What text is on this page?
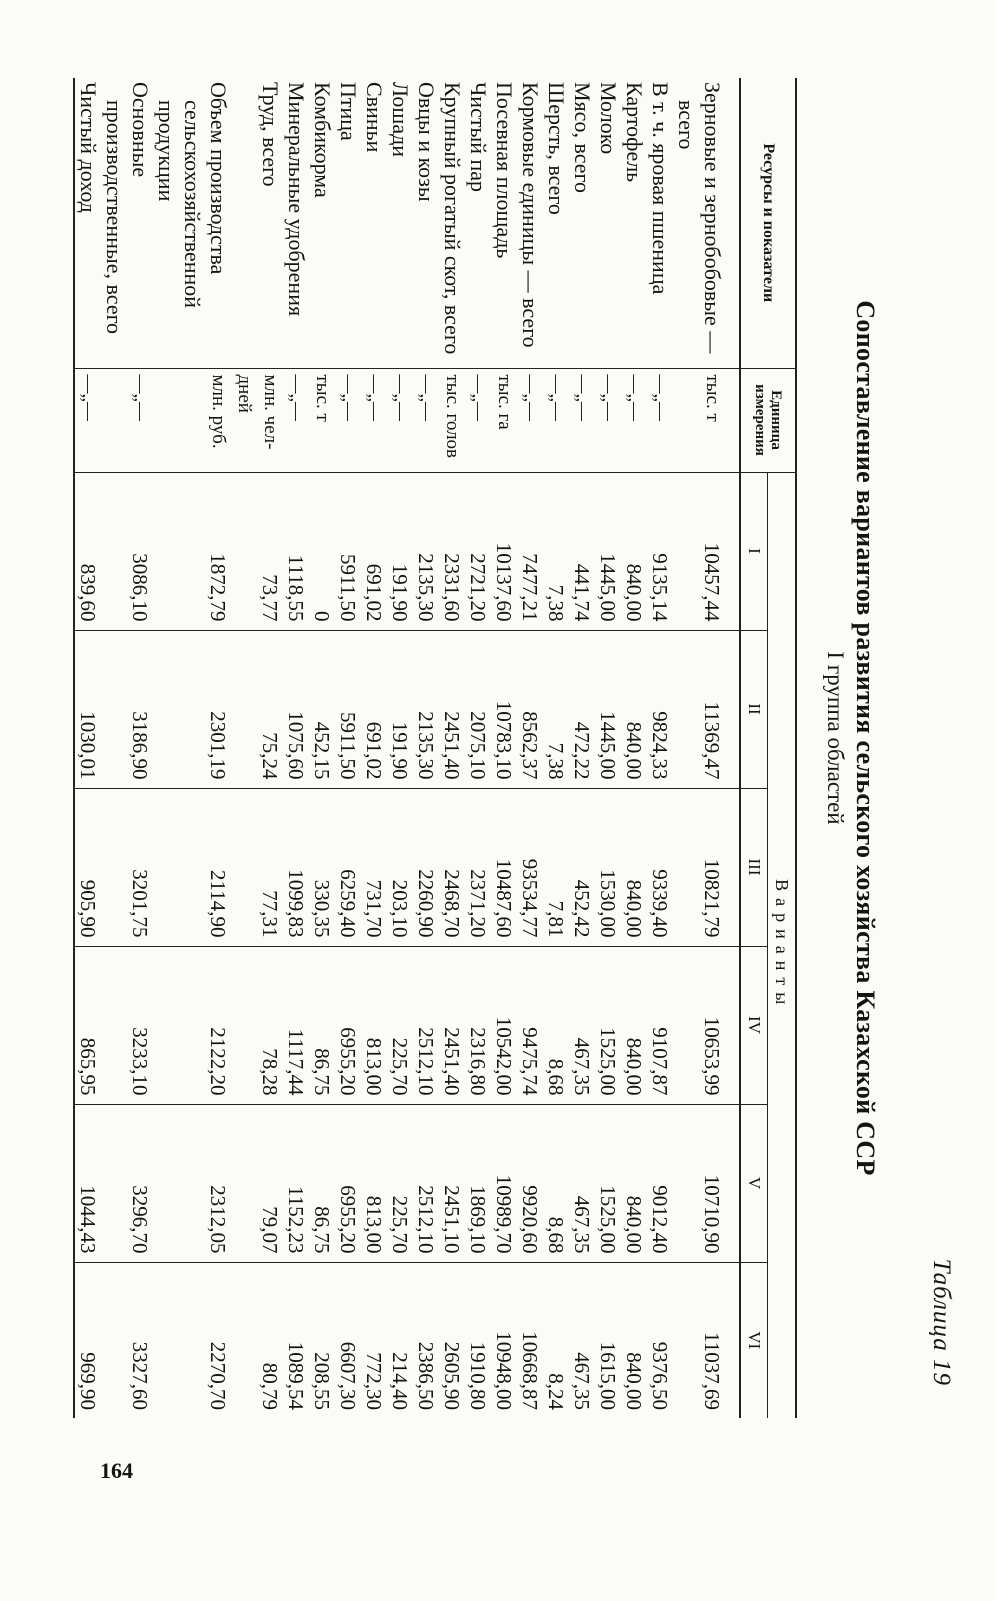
164
Таблица 19
Сопоставление вариантов развития сельского хозяйства Казахской ССР
I группа областей
Ресурсы и показатели	Единица измерения	Варианты					
		I	II	III	IV	V	VI

Зерновые и зернобобовые — всего	тыс. т	10457,44	11369,47	10821,79	10653,99	10710,90	11037,69
В т. ч. яровая пшеница	—„—	9135,14	9824,33	9339,40	9107,87	9012,40	9376,50
Картофель	—„—	840,00	840,00	840,00	840,00	840,00	840,00
Молоко	—„—	1445,00	1445,00	1530,00	1525,00	1525,00	1615,00
Мясо, всего	—„—	441,74	472,22	452,42	467,35	467,35	467,35
Шерсть, всего	—„—	7,38	7,38	7,81	8,68	8,68	8,24
Кормовые единицы — всего	—„—	7477,21	8562,37	93534,77	9475,74	9920,60	10668,87
Посевная площадь	тыс. га	10137,60	10783,10	10487,60	10542,00	10989,70	10948,00
Чистый пар	—„—	2721,20	2075,10	2371,20	2316,80	1869,10	1910,80
Крупный рогатый скот, всего	тыс. голов	2331,60	2451,40	2468,70	2451,40	2451,10	2605,90
Овцы и козы	—„—	2135,30	2135,30	2260,90	2512,10	2512,10	2386,50
Лошади	—„—	191,90	191,90	203,10	225,70	225,70	214,40
Свиньи	—„—	691,02	691,02	731,70	813,00	813,00	772,30
Птица	—„—	5911,50	5911,50	6259,40	6955,20	6955,20	6607,30
Комбикорма	тыс. т	0	452,15	330,35	86,75	86,75	208,55
Минеральные удобрения	—„—	1118,55	1075,60	1099,83	1117,44	1152,23	1089,54
Труд, всего	млн. чел-дней	73,77	75,24	77,31	78,28	79,07	80,79
Объем производства сельскохозяйственной продукции	млн. руб.	1872,79	2301,19	2114,90	2122,20	2312,05	2270,70
Основные производственные, всего	—„—	3086,10	3186,90	3201,75	3233,10	3296,70	3327,60
Чистый доход	—„—	839,60	1030,01	905,90	865,95	1044,43	969,90
